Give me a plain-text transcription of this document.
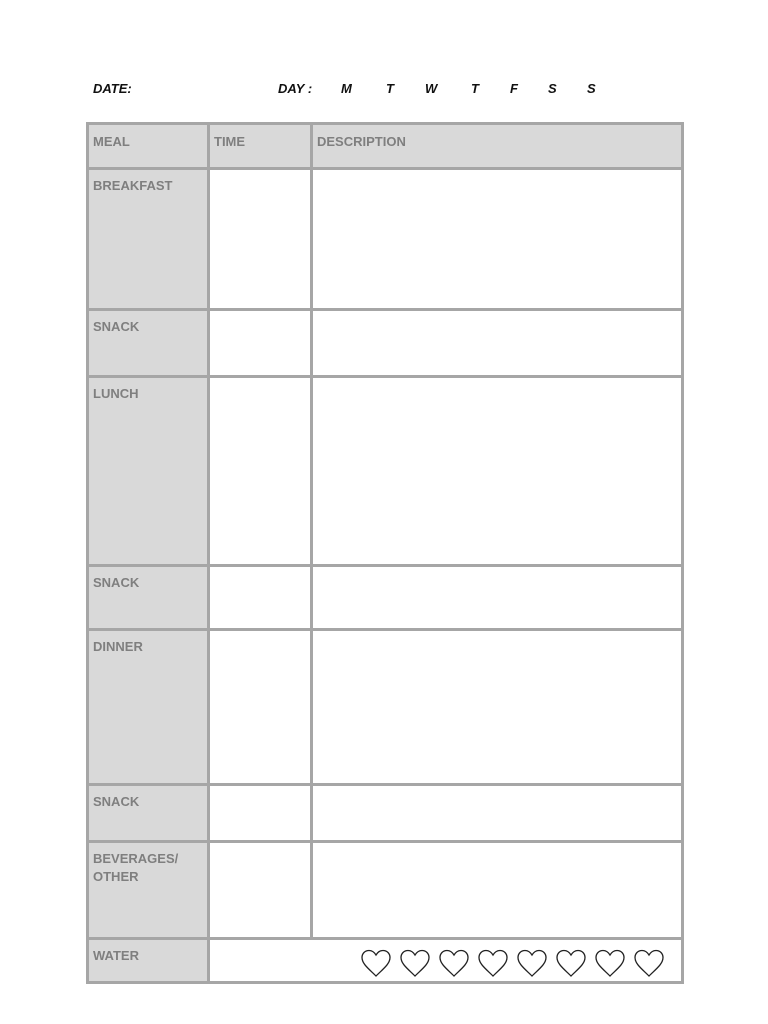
DATE:	DAY : M	T W	T F S S
MEAL	TIME	DESCRIPTION
BREAKFAST
SNACK
LUNCH
SNACK
DINNER
SNACK
BEVERAGES/ OTHER
WATER
